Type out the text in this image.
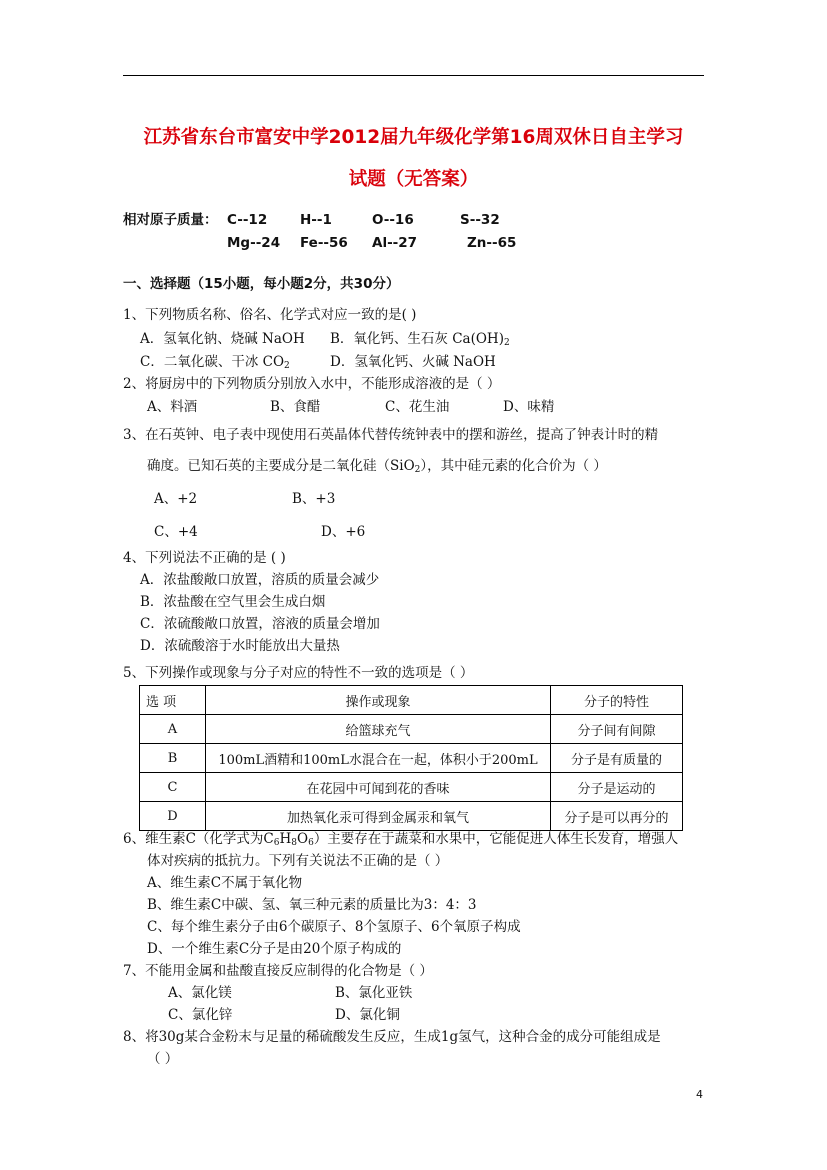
江苏省东台市富安中学2012届九年级化学第16周双休日自主学习
试题（无答案）
相对原子质量： C--12 H--1	O--16	S--32
Mg--24 Fe--56 Al--27	Zn--65
一、选择题（15小题，每小题2分，共30分）
1、下列物质名称、俗名、化学式对应一致的是( )
A．氢氧化钠、烧碱 NaOH B．氧化钙、生石灰 $Ca(OH)_2$
C．二氧化碳、干冰 $CO_2$	D．氢氧化钙、火碱 NaOH
2、将厨房中的下列物质分别放入水中，不能形成溶液的是（ ）
A、料酒	B、食醋	C、花生油	D、味精
3、在石英钟、电子表中现使用石英晶体代替传统钟表中的摆和游丝，提高了钟表计时的精
确度。已知石英的主要成分是二氧化硅（SiO$_2$），其中硅元素的化合价为（ ）
A、+2	B、+3
C、+4	D、+6
4、下列说法不正确的是 ( )
A．浓盐酸敞口放置，溶质的质量会减少
B．浓盐酸在空气里会生成白烟
C．浓硫酸敞口放置，溶液的质量会增加
D．浓硫酸溶于水时能放出大量热
5、下列操作或现象与分子对应的特性不一致的选项是（ ）
选 项	操作或现象	分子的特性
A	给篮球充气	分子间有间隙
B	100mL酒精和100mL水混合在一起，体积小于200mL	分子是有质量的
C	在花园中可闻到花的香味	分子是运动的
D	加热氧化汞可得到金属汞和氧气	分子是可以再分的
6、维生素C（化学式为$C_6H_8O_6$）主要存在于蔬菜和水果中，它能促进人体生长发育，增强人
体对疾病的抵抗力。下列有关说法不正确的是（ ）
A、维生素C不属于氧化物
B、维生素C中碳、氢、氧三种元素的质量比为3：4：3
C、每个维生素分子由6个碳原子、8个氢原子、6个氧原子构成
D、一个维生素C分子是由20个原子构成的
7、不能用金属和盐酸直接反应制得的化合物是（ ）
A、氯化镁	B、氯化亚铁
C、氯化锌	D、氯化铜
8、将30g某合金粉末与足量的稀硫酸发生反应，生成1g氢气，这种合金的成分可能组成是
（ ）
4
